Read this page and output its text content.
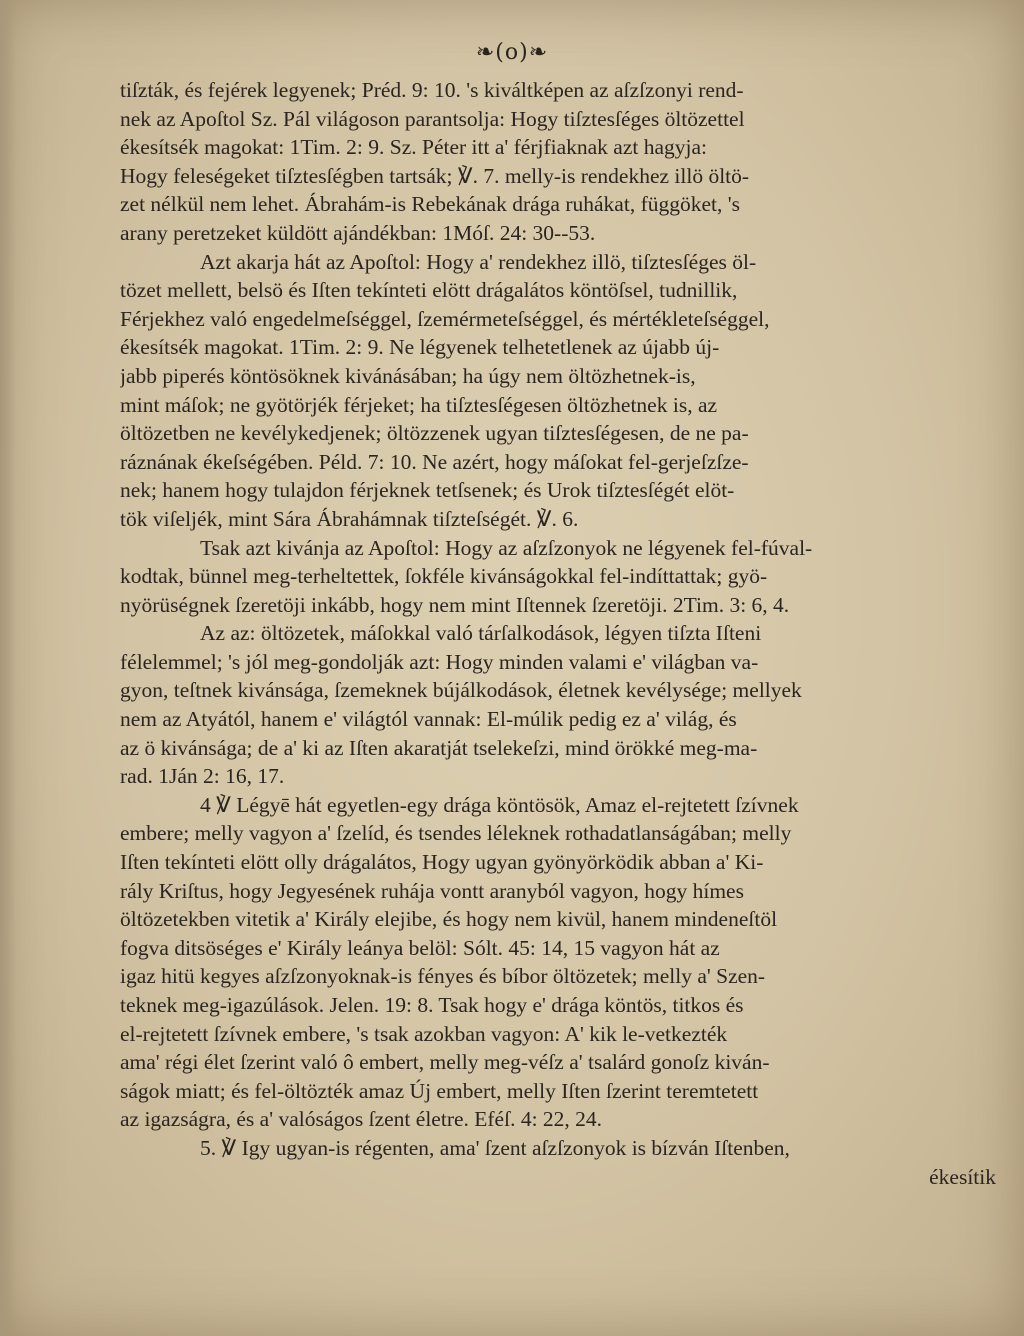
❧(o)❧
tiſzták, és fejérek legyenek; Préd. 9: 10. 's kiváltképen az aſzſzonyi rend-
nek az Apoſtol Sz. Pál világoson parantsolja: Hogy tiſztesſéges öltözettel
ékesítsék magokat: 1Tim. 2: 9. Sz. Péter itt a' férjfiaknak azt hagyja:
Hogy feleségeket tiſztesſégben tartsák; ℣. 7. melly-is rendekhez illö öltö-
zet nélkül nem lehet. Ábrahám-is Rebekának drága ruhákat, függöket, 's
arany peretzeket küldött ajándékban: 1Móſ. 24: 30--53.
Azt akarja hát az Apoſtol: Hogy a' rendekhez illö, tiſztesſéges öl-
tözet mellett, belsö és Iſten tekínteti elött drágalátos köntöſsel, tudnillik,
Férjekhez való engedelmeſséggel, ſzemérmeteſséggel, és mértékleteſséggel,
ékesítsék magokat. 1Tim. 2: 9. Ne légyenek telhetetlenek az újabb új-
jabb piperés köntösöknek kivánásában; ha úgy nem öltözhetnek-is,
mint máſok; ne gyötörjék férjeket; ha tiſztesſégesen öltözhetnek is, az
öltözetben ne kevélykedjenek; öltözzenek ugyan tiſztesſégesen, de ne pa-
ráznának ékeſségében. Péld. 7: 10. Ne azért, hogy máſokat fel-gerjeſzſze-
nek; hanem hogy tulajdon férjeknek tetſsenek; és Urok tiſztesſégét elöt-
tök viſeljék, mint Sára Ábrahámnak tiſzteſségét. ℣. 6.
Tsak azt kivánja az Apoſtol: Hogy az aſzſzonyok ne légyenek fel-fúval-
kodtak, bünnel meg-terheltettek, ſokféle kivánságokkal fel-indíttattak; gyö-
nyörüségnek ſzeretöji inkább, hogy nem mint Iſtennek ſzeretöji. 2Tim. 3: 6, 4.
Az az: öltözetek, máſokkal való tárſalkodások, légyen tiſzta Iſteni
félelemmel; 's jól meg-gondolják azt: Hogy minden valami e' világban va-
gyon, teſtnek kivánsága, ſzemeknek bújálkodások, életnek kevélysége; mellyek
nem az Atyától, hanem e' világtól vannak: El-múlik pedig ez a' világ, és
az ö kivánsága; de a' ki az Iſten akaratját tselekeſzi, mind örökké meg-ma-
rad. 1Ján 2: 16, 17.
4 ℣ Légyē hát egyetlen-egy drága köntösök, Amaz el-rejtetett ſzívnek
embere; melly vagyon a' ſzelíd, és tsendes léleknek rothadatlanságában; melly
Iſten tekínteti elött olly drágalátos, Hogy ugyan gyönyörködik abban a' Ki-
rály Kriſtus, hogy Jegyesének ruhája vontt aranyból vagyon, hogy hímes
öltözetekben vitetik a' Király elejibe, és hogy nem kivül, hanem mindeneſtöl
fogva ditsöséges e' Király leánya belöl: Sólt. 45: 14, 15 vagyon hát az
igaz hitü kegyes aſzſzonyoknak-is fényes és bíbor öltözetek; melly a' Szen-
teknek meg-igazúlások. Jelen. 19: 8. Tsak hogy e' drága köntös, titkos és
el-rejtetett ſzívnek embere, 's tsak azokban vagyon: A' kik le-vetkezték
ama' régi élet ſzerint való ô embert, melly meg-véſz a' tsalárd gonoſz kiván-
ságok miatt; és fel-öltözték amaz Új embert, melly Iſten ſzerint teremtetett
az igazságra, és a' valóságos ſzent életre. Eféſ. 4: 22, 24.
5. ℣ Igy ugyan-is régenten, ama' ſzent aſzſzonyok is bízván Iſtenben,
ékesítik
